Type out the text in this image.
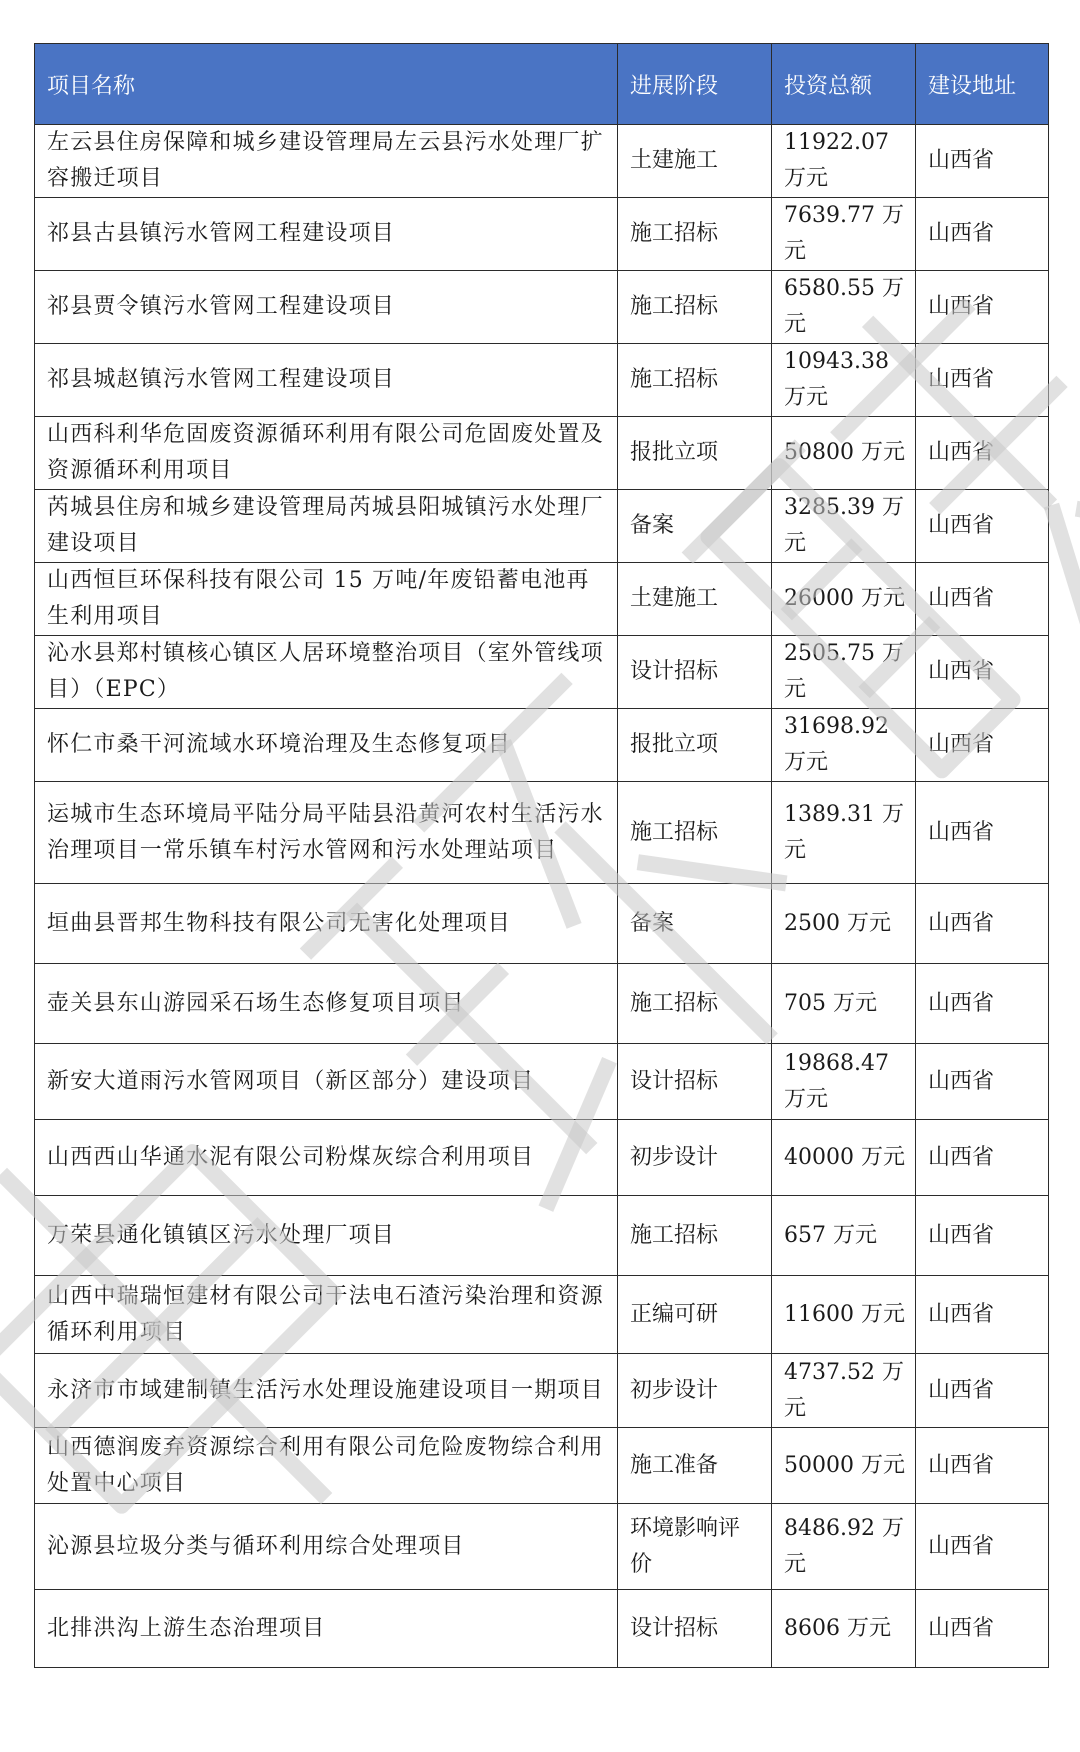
项目名称	进展阶段	投资总额	建设地址
左云县住房保障和城乡建设管理局左云县污水处理厂扩容搬迁项目	土建施工	11922.07 万元	山西省
祁县古县镇污水管网工程建设项目	施工招标	7639.77 万元	山西省
祁县贾令镇污水管网工程建设项目	施工招标	6580.55 万元	山西省
祁县城赵镇污水管网工程建设项目	施工招标	10943.38 万元	山西省
山西科利华危固废资源循环利用有限公司危固废处置及资源循环利用项目	报批立项	50800 万元	山西省
芮城县住房和城乡建设管理局芮城县阳城镇污水处理厂建设项目	备案	3285.39 万元	山西省
山西恒巨环保科技有限公司 15 万吨/年废铅蓄电池再生利用项目	土建施工	26000 万元	山西省
沁水县郑村镇核心镇区人居环境整治项目（室外管线项目）（EPC）	设计招标	2505.75 万元	山西省
怀仁市桑干河流域水环境治理及生态修复项目	报批立项	31698.92 万元	山西省
运城市生态环境局平陆分局平陆县沿黄河农村生活污水治理项目一常乐镇车村污水管网和污水处理站项目	施工招标	1389.31 万元	山西省
垣曲县晋邦生物科技有限公司无害化处理项目	备案	2500 万元	山西省
壶关县东山游园采石场生态修复项目项目	施工招标	705 万元	山西省
新安大道雨污水管网项目（新区部分）建设项目	设计招标	19868.47 万元	山西省
山西西山华通水泥有限公司粉煤灰综合利用项目	初步设计	40000 万元	山西省
万荣县通化镇镇区污水处理厂项目	施工招标	657 万元	山西省
山西中瑞瑞恒建材有限公司干法电石渣污染治理和资源循环利用项目	正编可研	11600 万元	山西省
永济市市域建制镇生活污水处理设施建设项目一期项目	初步设计	4737.52 万元	山西省
山西德润废弃资源综合利用有限公司危险废物综合利用处置中心项目	施工准备	50000 万元	山西省
沁源县垃圾分类与循环利用综合处理项目	环境影响评价	8486.92 万元	山西省
北排洪沟上游生态治理项目	设计招标	8606 万元	山西省
